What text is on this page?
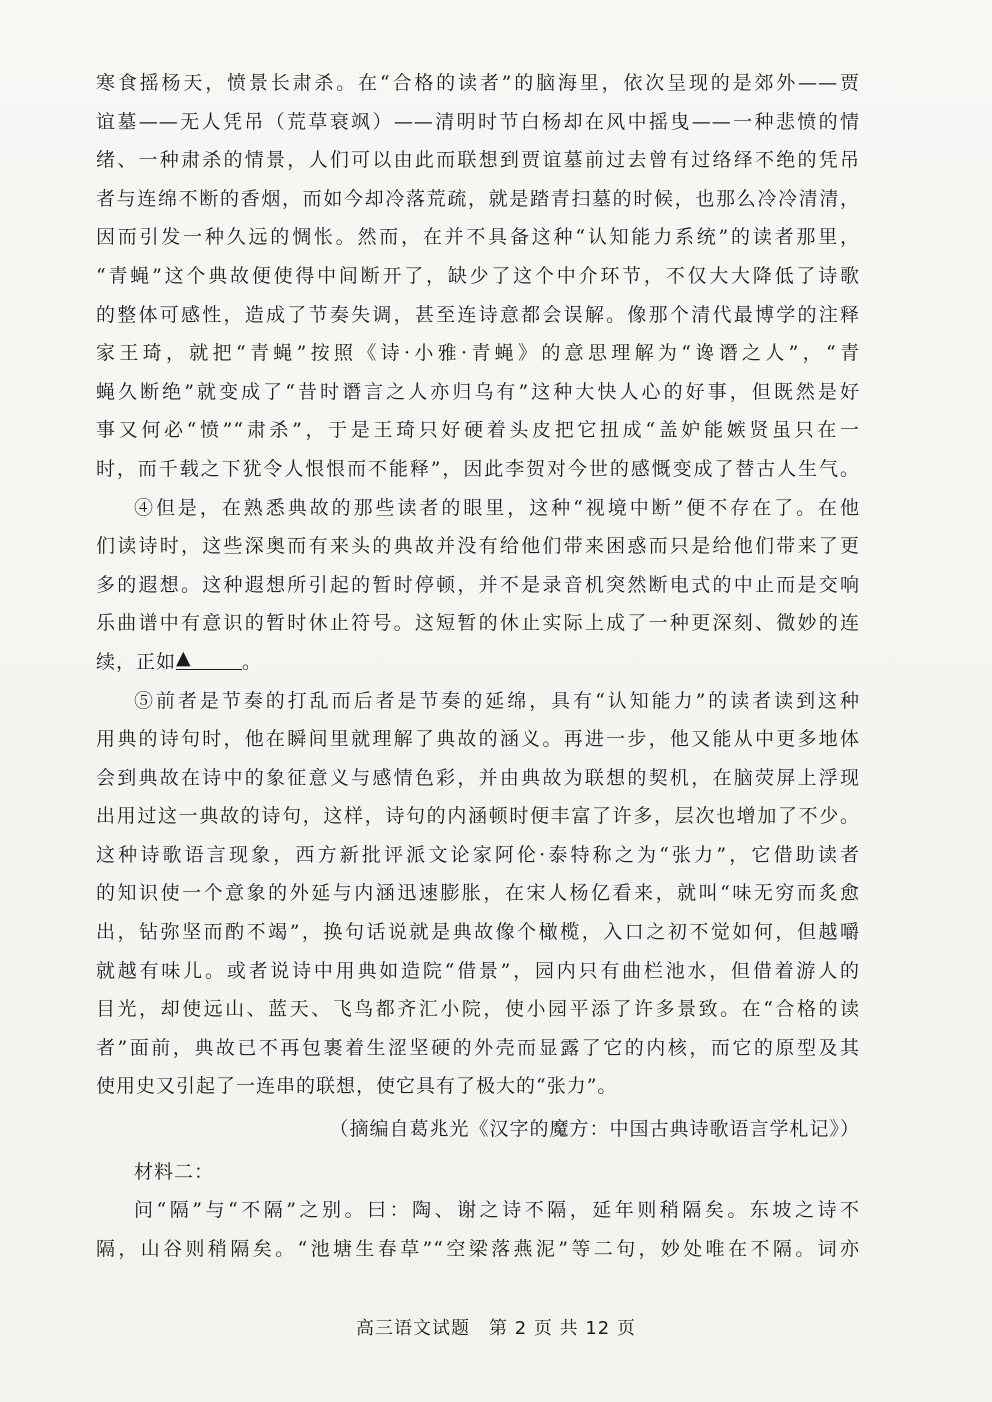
寒食摇杨天，愤景长肃杀。在“合格的读者”的脑海里，依次呈现的是郊外——贾

谊墓——无人凭吊（荒草衰飒）——清明时节白杨却在风中摇曳——一种悲愤的情

绪、一种肃杀的情景，人们可以由此而联想到贾谊墓前过去曾有过络绎不绝的凭吊

者与连绵不断的香烟，而如今却冷落荒疏，就是踏青扫墓的时候，也那么冷冷清清，

因而引发一种久远的惆怅。然而，在并不具备这种“认知能力系统”的读者那里，

“青蝇”这个典故便使得中间断开了，缺少了这个中介环节，不仅大大降低了诗歌

的整体可感性，造成了节奏失调，甚至连诗意都会误解。像那个清代最博学的注释

家王琦，就把“青蝇”按照《诗·小雅·青蝇》的意思理解为“谗谮之人”，“青

蝇久断绝”就变成了“昔时谮言之人亦归乌有”这种大快人心的好事，但既然是好

事又何必“愤”“肃杀”，于是王琦只好硬着头皮把它扭成“盖妒能嫉贤虽只在一

时，而千载之下犹令人恨恨而不能释”，因此李贺对今世的感慨变成了替古人生气。

④但是，在熟悉典故的那些读者的眼里，这种“视境中断”便不存在了。在他

们读诗时，这些深奥而有来头的典故并没有给他们带来困惑而只是给他们带来了更

多的遐想。这种遐想所引起的暂时停顿，并不是录音机突然断电式的中止而是交响

乐曲谱中有意识的暂时休止符号。这短暂的休止实际上成了一种更深刻、微妙的连

续，正如▲	。

⑤前者是节奏的打乱而后者是节奏的延绵，具有“认知能力”的读者读到这种

用典的诗句时，他在瞬间里就理解了典故的涵义。再进一步，他又能从中更多地体

会到典故在诗中的象征意义与感情色彩，并由典故为联想的契机，在脑荧屏上浮现

出用过这一典故的诗句，这样，诗句的内涵顿时便丰富了许多，层次也增加了不少。

这种诗歌语言现象，西方新批评派文论家阿伦·泰特称之为“张力”，它借助读者

的知识使一个意象的外延与内涵迅速膨胀，在宋人杨亿看来，就叫“味无穷而炙愈

出，钻弥坚而酌不竭”，换句话说就是典故像个橄榄，入口之初不觉如何，但越嚼

就越有味儿。或者说诗中用典如造院“借景”，园内只有曲栏池水，但借着游人的

目光，却使远山、蓝天、飞鸟都齐汇小院，使小园平添了许多景致。在“合格的读

者”面前，典故已不再包裹着生涩坚硬的外壳而显露了它的内核，而它的原型及其

使用史又引起了一连串的联想，使它具有了极大的“张力”。

（摘编自葛兆光《汉字的魔方：中国古典诗歌语言学札记》）

材料二：

问“隔”与“不隔”之别。曰：陶、谢之诗不隔，延年则稍隔矣。东坡之诗不

隔，山谷则稍隔矣。“池塘生春草”“空梁落燕泥”等二句，妙处唯在不隔。词亦

高三语文试题　第 2 页 共 12 页
